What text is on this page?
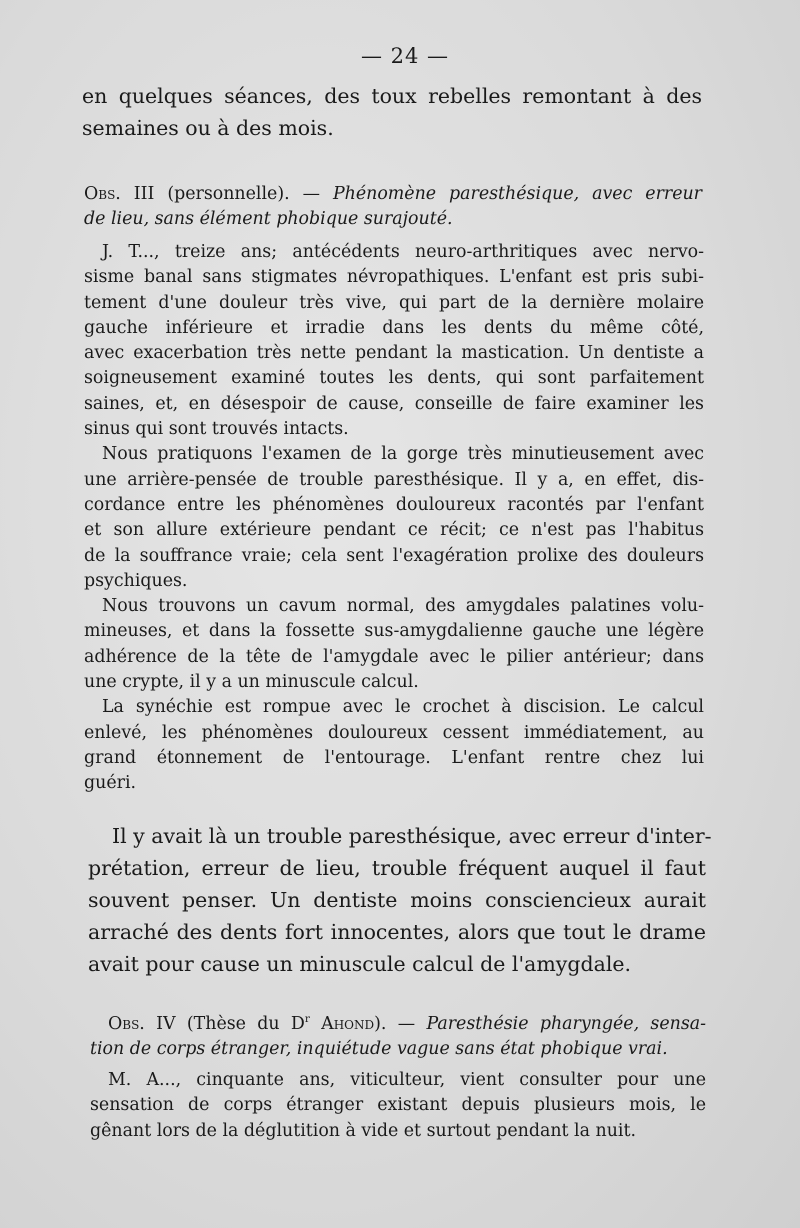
— 24 —

en quelques séances, des toux rebelles remontant à des

semaines ou à des mois.

Obs. III (personnelle). — Phénomène paresthésique, avec erreur

de lieu, sans élément phobique surajouté.

J. T..., treize ans; antécédents neuro-arthritiques avec nervo-

sisme banal sans stigmates névropathiques. L'enfant est pris subi-

tement d'une douleur très vive, qui part de la dernière molaire

gauche inférieure et irradie dans les dents du même côté,

avec exacerbation très nette pendant la mastication. Un dentiste a

soigneusement examiné toutes les dents, qui sont parfaitement

saines, et, en désespoir de cause, conseille de faire examiner les

sinus qui sont trouvés intacts.

Nous pratiquons l'examen de la gorge très minutieusement avec

une arrière-pensée de trouble paresthésique. Il y a, en effet, dis-

cordance entre les phénomènes douloureux racontés par l'enfant

et son allure extérieure pendant ce récit; ce n'est pas l'habitus

de la souffrance vraie; cela sent l'exagération prolixe des douleurs

psychiques.

Nous trouvons un cavum normal, des amygdales palatines volu-

mineuses, et dans la fossette sus-amygdalienne gauche une légère

adhérence de la tête de l'amygdale avec le pilier antérieur; dans

une crypte, il y a un minuscule calcul.

La synéchie est rompue avec le crochet à discision. Le calcul

enlevé, les phénomènes douloureux cessent immédiatement, au

grand étonnement de l'entourage. L'enfant rentre chez lui

guéri.

Il y avait là un trouble paresthésique, avec erreur d'inter-

prétation, erreur de lieu, trouble fréquent auquel il faut

souvent penser. Un dentiste moins consciencieux aurait

arraché des dents fort innocentes, alors que tout le drame

avait pour cause un minuscule calcul de l'amygdale.

Obs. IV (Thèse du $D^r$ Ahond). — Paresthésie pharyngée, sensa-

tion de corps étranger, inquiétude vague sans état phobique vrai.

M. A..., cinquante ans, viticulteur, vient consulter pour une

sensation de corps étranger existant depuis plusieurs mois, le

gênant lors de la déglutition à vide et surtout pendant la nuit.
